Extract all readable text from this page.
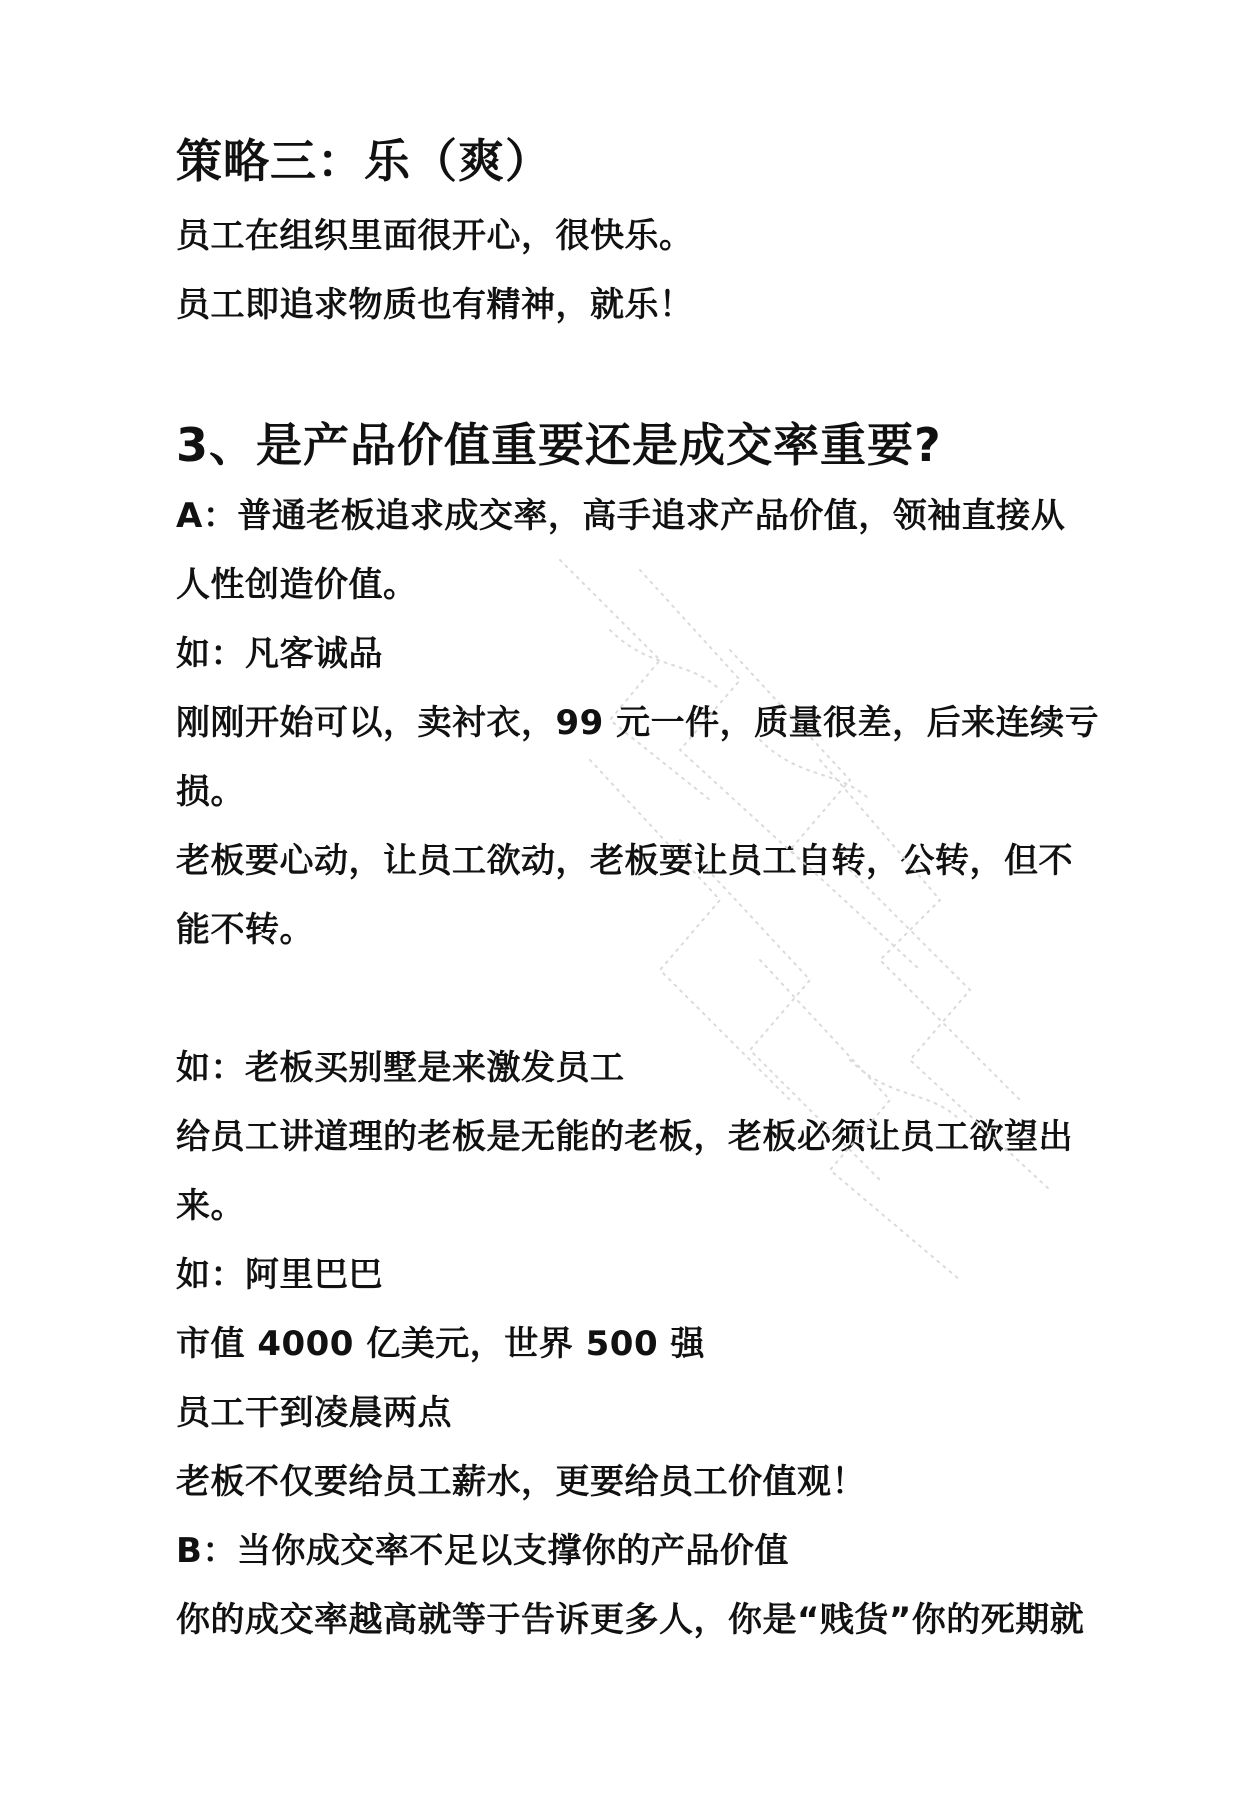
策略三：乐（爽）

员工在组织里面很开心，很快乐。

员工即追求物质也有精神，就乐！

3、是产品价值重要还是成交率重要?

A：普通老板追求成交率，高手追求产品价值，领袖直接从

人性创造价值。

如：凡客诚品

刚刚开始可以，卖衬衣，99 元一件，质量很差，后来连续亏

损。

老板要心动，让员工欲动，老板要让员工自转，公转，但不

能不转。

如：老板买别墅是来激发员工

给员工讲道理的老板是无能的老板，老板必须让员工欲望出

来。

如：阿里巴巴

市值 4000 亿美元，世界 500 强

员工干到凌晨两点

老板不仅要给员工薪水，更要给员工价值观！

B：当你成交率不足以支撑你的产品价值

你的成交率越高就等于告诉更多人，你是“贱货”你的死期就
